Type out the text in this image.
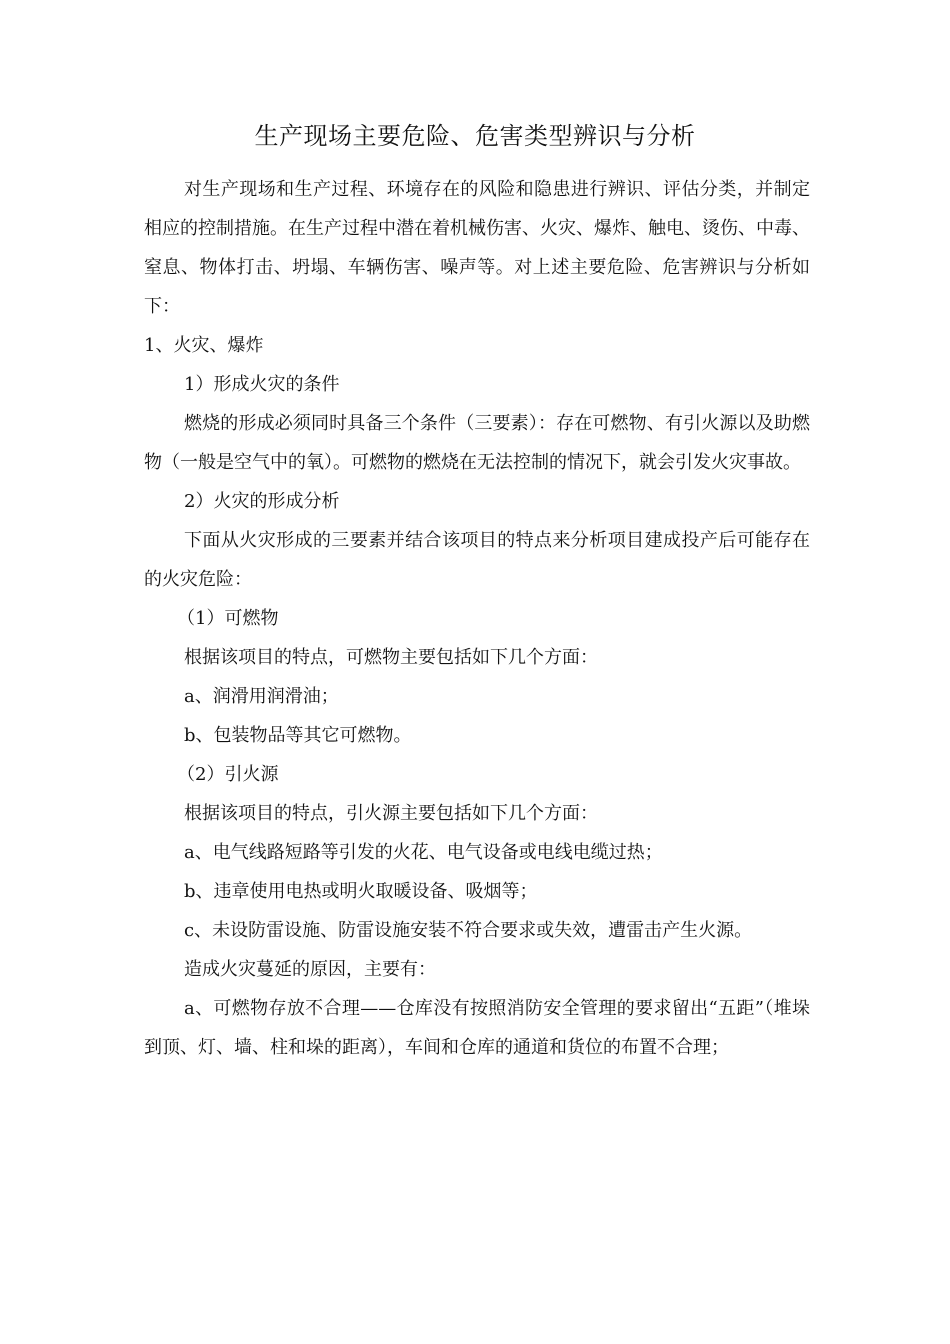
生产现场主要危险、危害类型辨识与分析

对生产现场和生产过程、环境存在的风险和隐患进行辨识、评估分类，并制定相应的控制措施。在生产过程中潜在着机械伤害、火灾、爆炸、触电、烫伤、中毒、窒息、物体打击、坍塌、车辆伤害、噪声等。对上述主要危险、危害辨识与分析如下：

1、火灾、爆炸

1）形成火灾的条件

燃烧的形成必须同时具备三个条件（三要素）：存在可燃物、有引火源以及助燃物（一般是空气中的氧）。可燃物的燃烧在无法控制的情况下，就会引发火灾事故。

2）火灾的形成分析

下面从火灾形成的三要素并结合该项目的特点来分析项目建成投产后可能存在的火灾危险：

（1）可燃物

根据该项目的特点，可燃物主要包括如下几个方面：

a、润滑用润滑油；

b、包装物品等其它可燃物。

（2）引火源

根据该项目的特点，引火源主要包括如下几个方面：

a、电气线路短路等引发的火花、电气设备或电线电缆过热；

b、违章使用电热或明火取暖设备、吸烟等；

c、未设防雷设施、防雷设施安装不符合要求或失效，遭雷击产生火源。

造成火灾蔓延的原因，主要有：

a、可燃物存放不合理——仓库没有按照消防安全管理的要求留出“五距”（堆垛到顶、灯、墙、柱和垛的距离），车间和仓库的通道和货位的布置不合理；
